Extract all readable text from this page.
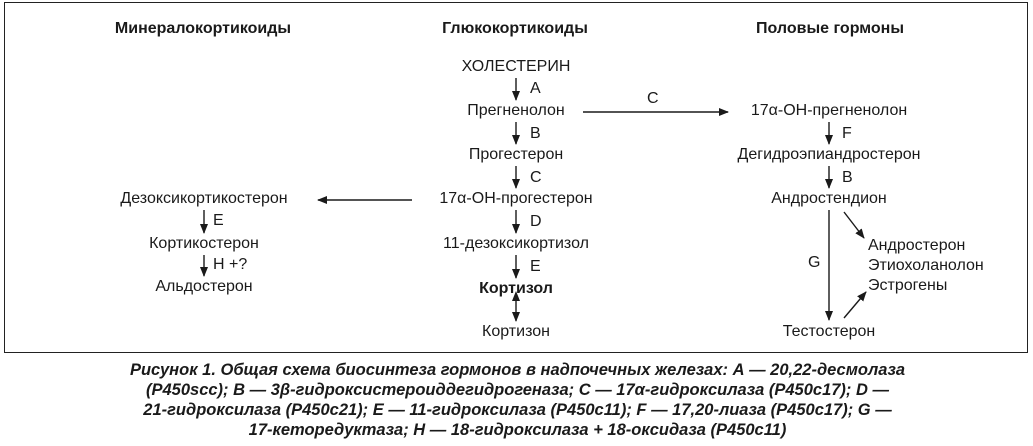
Минералокортикоиды	Глюкокортикоиды	Половые гормоны
ХОЛЕСТЕРИН
Прегненолон
Прогестерон
17α-ОН-прогестерон
11-дезоксикортизол
Кортизол
Кортизон
Дезоксикортикостерон
Кортикостерон
Альдостерон
17α-ОН-прегненолон
Дегидроэпиандростерон
Андростендион
Андростерон
Этиохоланолон
Эстрогены
Тестостерон
A
B
C
D
E
C
F
B
E
H +?	G
Рисунок 1. Общая схема биосинтеза гормонов в надпочечных железах: А — 20,22-десмолаза
(P450scc); B — 3β-гидроксистероиддегидрогеназа; C — 17α-гидроксилаза (P450c17); D —
21-гидроксилаза (P450c21); E — 11-гидроксилаза (P450c11); F — 17,20-лиаза (P450c17); G —
17-кеторедуктаза; H — 18-гидроксилаза + 18-оксидаза (P450c11)
